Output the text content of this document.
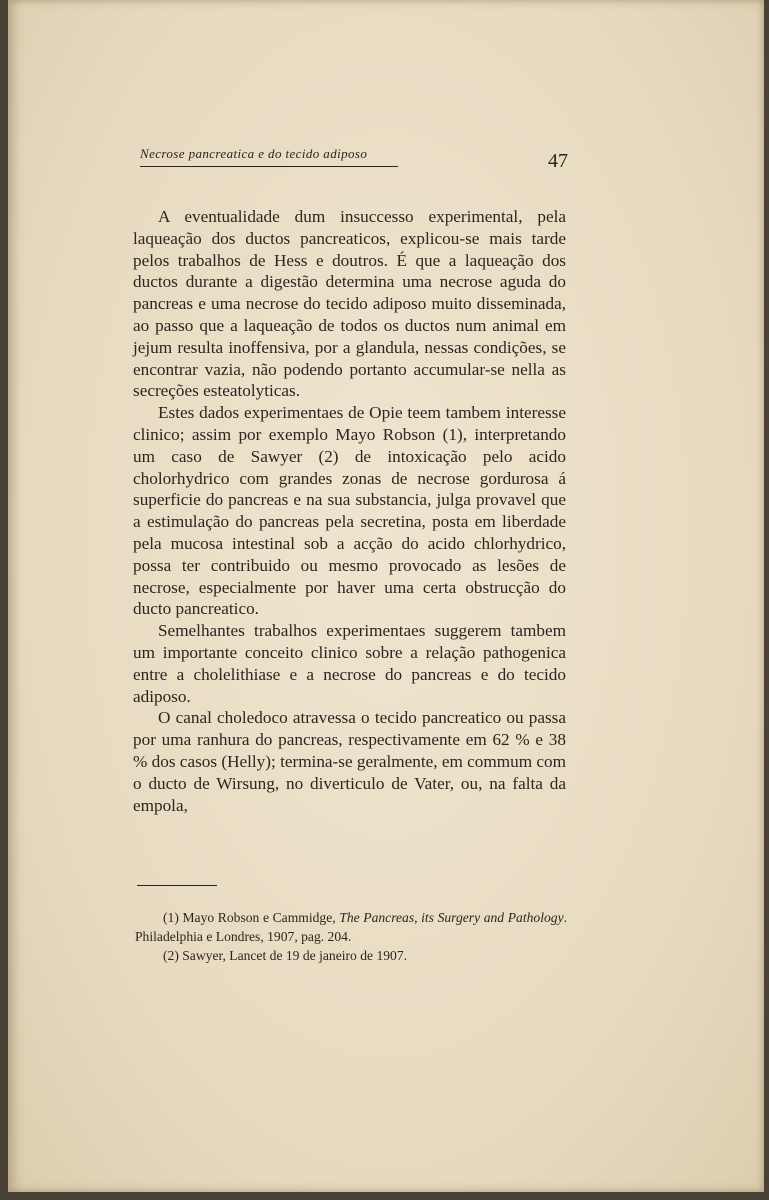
Necrose pancreatica e do tecido adiposo	47

A eventualidade dum insuccesso experimental, pela laqueação dos ductos pancreaticos, explicou-se mais tarde pelos trabalhos de Hess e doutros. É que a laqueação dos ductos durante a digestão determina uma necrose aguda do pancreas e uma necrose do tecido adiposo muito disseminada, ao passo que a laqueação de todos os ductos num animal em jejum resulta inoffensiva, por a glandula, nessas condições, se encontrar vazia, não podendo portanto accumular-se nella as secreções esteatolyticas.

Estes dados experimentaes de Opie teem tambem interesse clinico; assim por exemplo Mayo Robson (1), interpretando um caso de Sawyer (2) de intoxicação pelo acido cholorhydrico com grandes zonas de necrose gordurosa á superficie do pancreas e na sua substancia, julga provavel que a estimulação do pancreas pela secretina, posta em liberdade pela mucosa intestinal sob a acção do acido chlorhydrico, possa ter contribuido ou mesmo provocado as lesões de necrose, especialmente por haver uma certa obstrucção do ducto pancreatico.

Semelhantes trabalhos experimentaes suggerem tambem um importante conceito clinico sobre a relação pathogenica entre a cholelithiase e a necrose do pancreas e do tecido adiposo.

O canal choledoco atravessa o tecido pancreatico ou passa por uma ranhura do pancreas, respectivamente em 62 % e 38 % dos casos (Helly); termina-se geralmente, em commum com o ducto de Wirsung, no diverticulo de Vater, ou, na falta da empola,

(1) Mayo Robson e Cammidge, The Pancreas, its Surgery and Pathology. Philadelphia e Londres, 1907, pag. 204.

(2) Sawyer, Lancet de 19 de janeiro de 1907.
